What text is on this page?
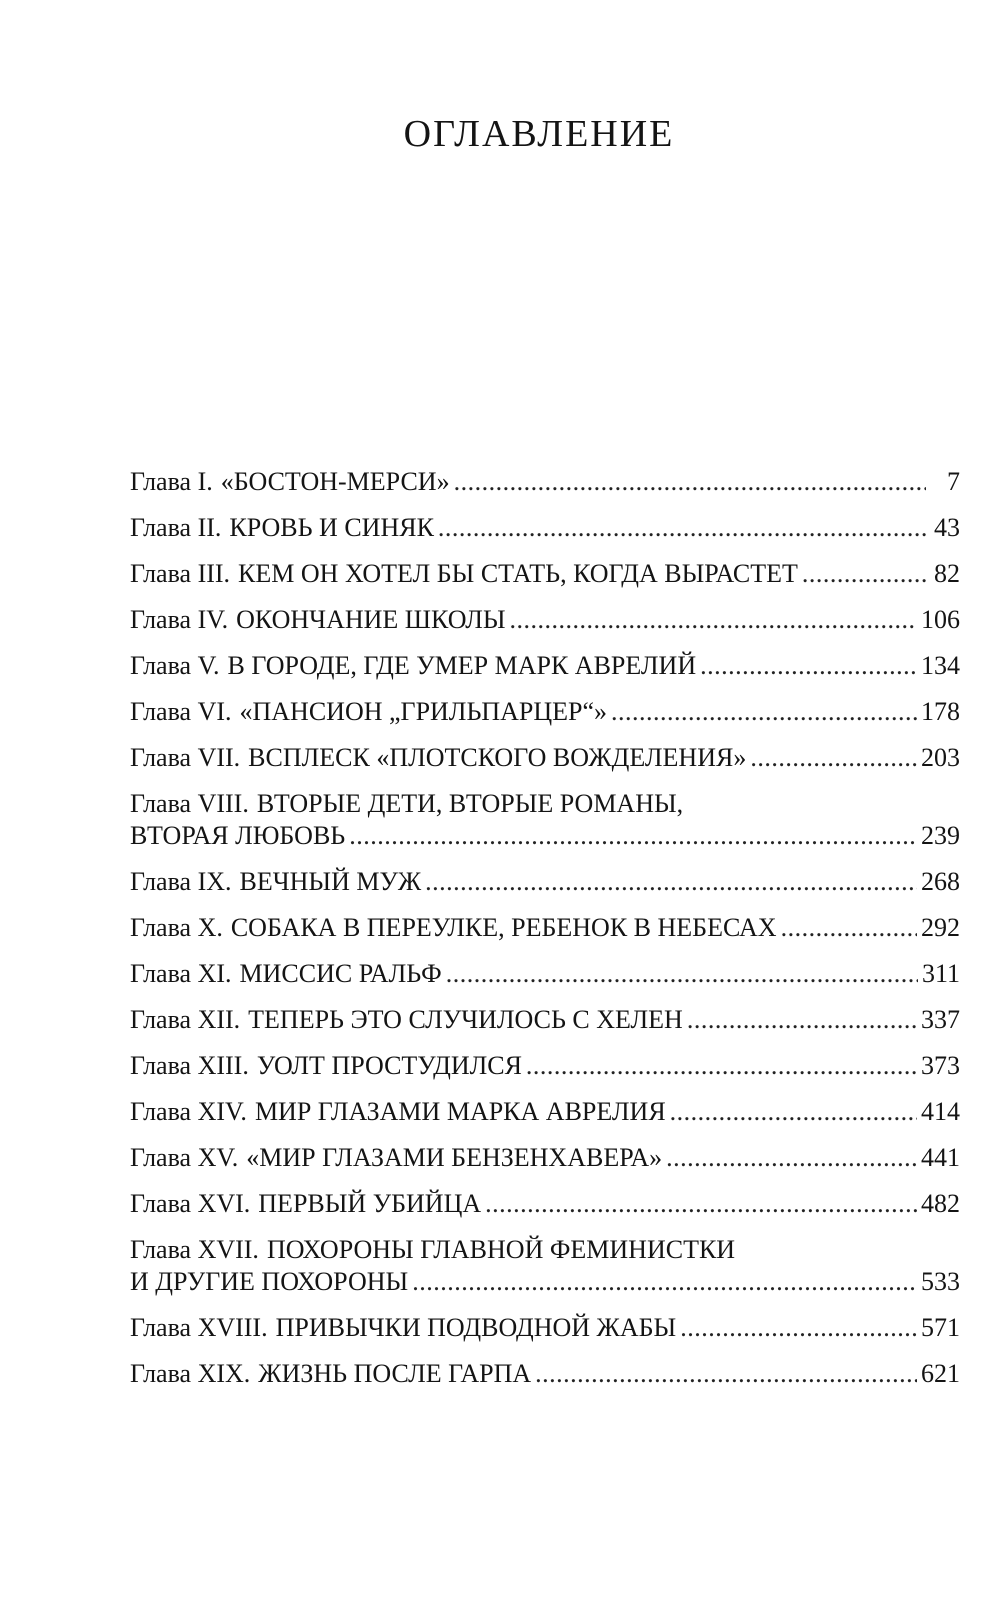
ОГЛАВЛЕНИЕ
Глава I. «БОСТОН-МЕРСИ» . . .	7
Глава II. КРОВЬ И СИНЯК . . .	43
Глава III. КЕМ ОН ХОТЕЛ БЫ СТАТЬ, КОГДА ВЫРАСТЕТ . . .	82
Глава IV. ОКОНЧАНИЕ ШКОЛЫ . . .	106
Глава V. В ГОРОДЕ, ГДЕ УМЕР МАРК АВРЕЛИЙ . . .	134
Глава VI. «ПАНСИОН „ГРИЛЬПАРЦЕР“» . . .	178
Глава VII. ВСПЛЕСК «ПЛОТСКОГО ВОЖДЕЛЕНИЯ» . . .	203
Глава VIII. ВТОРЫЕ ДЕТИ, ВТОРЫЕ РОМАНЫ,
ВТОРАЯ ЛЮБОВЬ . . .	239
Глава IX. ВЕЧНЫЙ МУЖ . . .	268
Глава X. СОБАКА В ПЕРЕУЛКЕ, РЕБЕНОК В НЕБЕСАХ . . .	292
Глава XI. МИССИС РАЛЬФ . . .	311
Глава XII. ТЕПЕРЬ ЭТО СЛУЧИЛОСЬ С ХЕЛЕН . . .	337
Глава XIII. УОЛТ ПРОСТУДИЛСЯ . . .	373
Глава XIV. МИР ГЛАЗАМИ МАРКА АВРЕЛИЯ . . .	414
Глава XV. «МИР ГЛАЗАМИ БЕНЗЕНХАВЕРА» . . .	441
Глава XVI. ПЕРВЫЙ УБИЙЦА . . .	482
Глава XVII. ПОХОРОНЫ ГЛАВНОЙ ФЕМИНИСТКИ
И ДРУГИЕ ПОХОРОНЫ . . .	533
Глава XVIII. ПРИВЫЧКИ ПОДВОДНОЙ ЖАБЫ . . .	571
Глава XIX. ЖИЗНЬ ПОСЛЕ ГАРПА . . .	621
